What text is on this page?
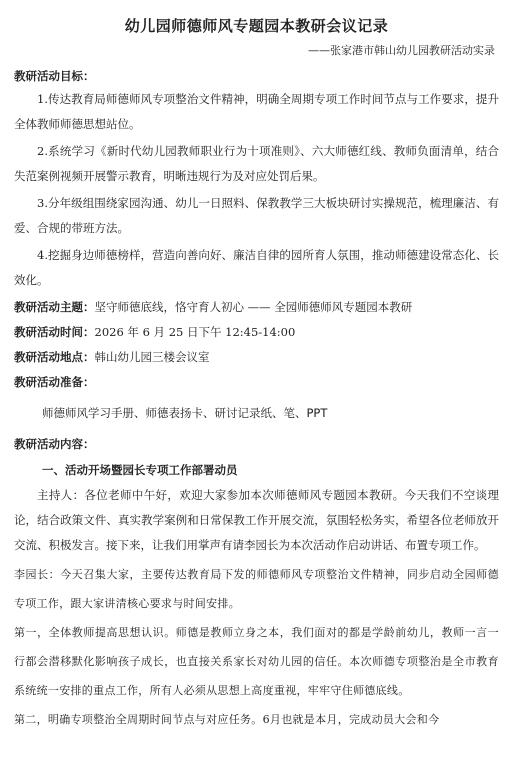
幼儿园师德师风专题园本教研会议记录

——张家港市韩山幼儿园教研活动实录

教研活动目标：

1.传达教育局师德师风专项整治文件精神，明确全周期专项工作时间节点与工作要求，提升全体教师师德思想站位。

2.系统学习《新时代幼儿园教师职业行为十项准则》、六大师德红线、教师负面清单，结合失范案例视频开展警示教育，明晰违规行为及对应处罚后果。

3.分年级组围绕家园沟通、幼儿一日照料、保教教学三大板块研讨实操规范，梳理廉洁、有爱、合规的带班方法。

4.挖掘身边师德榜样，营造向善向好、廉洁自律的园所育人氛围，推动师德建设常态化、长效化。

教研活动主题：坚守师德底线，恪守育人初心 —— 全园师德师风专题园本教研

教研活动时间：2026 年 6 月 25 日下午 12:45-14:00

教研活动地点：韩山幼儿园三楼会议室

教研活动准备：

师德师风学习手册、师德表扬卡、研讨记录纸、笔、PPT

教研活动内容：

一、活动开场暨园长专项工作部署动员

主持人：各位老师中午好，欢迎大家参加本次师德师风专题园本教研。今天我们不空谈理论，结合政策文件、真实教学案例和日常保教工作开展交流，氛围轻松务实，希望各位老师放开交流、积极发言。接下来，让我们用掌声有请李园长为本次活动作启动讲话、布置专项工作。

李园长：今天召集大家，主要传达教育局下发的师德师风专项整治文件精神，同步启动全园师德专项工作，跟大家讲清核心要求与时间安排。

第一，全体教师提高思想认识。师德是教师立身之本，我们面对的都是学龄前幼儿，教师一言一行都会潜移默化影响孩子成长，也直接关系家长对幼儿园的信任。本次师德专项整治是全市教育系统统一安排的重点工作，所有人必须从思想上高度重视，牢牢守住师德底线。

第二，明确专项整治全周期时间节点与对应任务。6月也就是本月，完成动员大会和今
